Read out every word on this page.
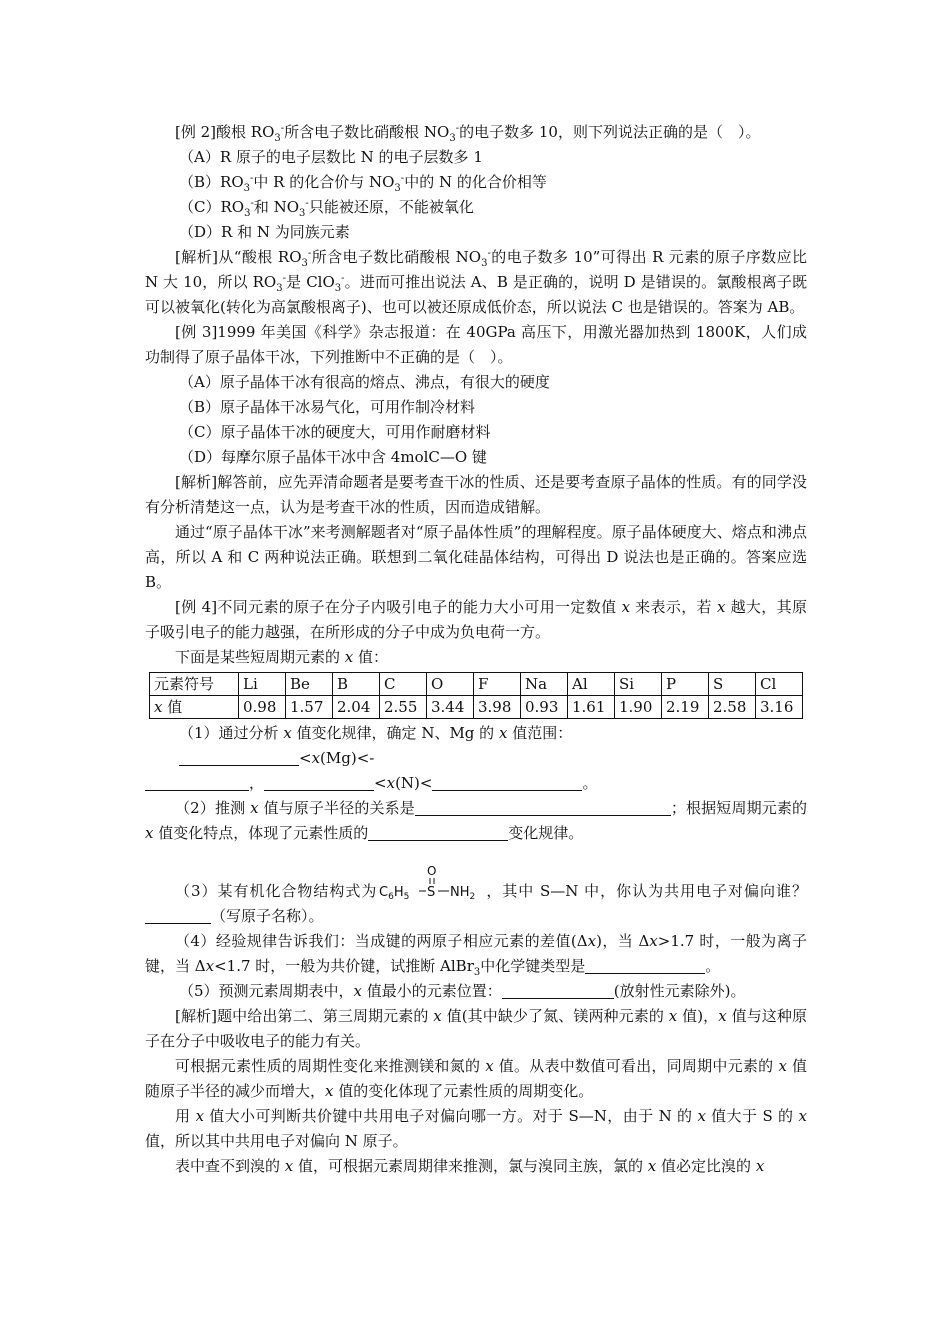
[例 2]酸根 $RO_3^-$所含电子数比硝酸根 $NO_3^-$的电子数多 10，则下列说法正确的是（　）。

（A）R 原子的电子层数比 N 的电子层数多 1

$(B)RO_3^-$中 R 的化合价与 $NO_3^-$中的 N 的化合价相等

$(C)RO_3^-$和 $NO_3^-$只能被还原，不能被氧化

（D）R 和 N 为同族元素

[解析]从“酸根 $RO_3^-$所含电子数比硝酸根 $NO_3^-$的电子数多 10”可得出 R 元素的原子序数应比 N 大 10，所以 $RO_3^-$是 ClO$_3$-。进而可推出说法 A、B 是正确的，说明 D 是错误的。氯酸根离子既可以被氧化(转化为高氯酸根离子)、也可以被还原成低价态，所以说法 C 也是错误的。答案为 AB。

[例 3]1999 年美国《科学》杂志报道：在 40GPa 高压下，用激光器加热到 1800K，人们成功制得了原子晶体干冰，下列推断中不正确的是（　）。

（A）原子晶体干冰有很高的熔点、沸点，有很大的硬度

（B）原子晶体干冰易气化，可用作制冷材料

（C）原子晶体干冰的硬度大，可用作耐磨材料

（D）每摩尔原子晶体干冰中含 4molC—O 键

[解析]解答前，应先弄清命题者是要考查干冰的性质、还是要考查原子晶体的性质。有的同学没有分析清楚这一点，认为是考查干冰的性质，因而造成错解。

通过“原子晶体干冰”来考测解题者对“原子晶体性质”的理解程度。原子晶体硬度大、熔点和沸点高，所以 A 和 C 两种说法正确。联想到二氧化硅晶体结构，可得出 D 说法也是正确的。答案应选 B。

[例 4]不同元素的原子在分子内吸引电子的能力大小可用一定数值 x 来表示，若 x 越大，其原子吸引电子的能力越强，在所形成的分子中成为负电荷一方。

下面是某些短周期元素的 x 值：

元素符号	Li	Be	B	C	O	F	Na	Al	Si	P	S	Cl
x 值	0.98	1.57	2.04	2.55	3.44	3.98	0.93	1.61	1.90	2.19	2.58	3.16

（1）通过分析 x 值变化规律，确定 N、Mg 的 x 值范围：

<x(Mg)<-

，	<x(N)<	。

（2）推测 x 值与原子半径的关系是	；根据短周期元素的 x 值变化特点，体现了元素性质的	变化规律。

（3）某有机化合物结构式为 $C_6H_5$ S
O
$NH_2$ ，其中 S—N 中，你认为共用电子对偏向谁？（写原子名称）。

（4）经验规律告诉我们：当成键的两原子相应元素的差值(Δx)，当 Δx>1.7 时，一般为离子键，当 Δx<1.7 时，一般为共价键，试推断 AlBr$_3$中化学键类型是	。

（5）预测元素周期表中，x 值最小的元素位置：	(放射性元素除外)。

[解析]题中给出第二、第三周期元素的 x 值(其中缺少了氮、镁两种元素的 x 值)，x 值与这种原子在分子中吸收电子的能力有关。

可根据元素性质的周期性变化来推测镁和氮的 x 值。从表中数值可看出，同周期中元素的 x 值随原子半径的减少而增大，x 值的变化体现了元素性质的周期变化。

用 x 值大小可判断共价键中共用电子对偏向哪一方。对于 S—N，由于 N 的 x 值大于 S 的 x 值，所以其中共用电子对偏向 N 原子。

表中查不到溴的 x 值，可根据元素周期律来推测，氯与溴同主族，氯的 x 值必定比溴的 x
